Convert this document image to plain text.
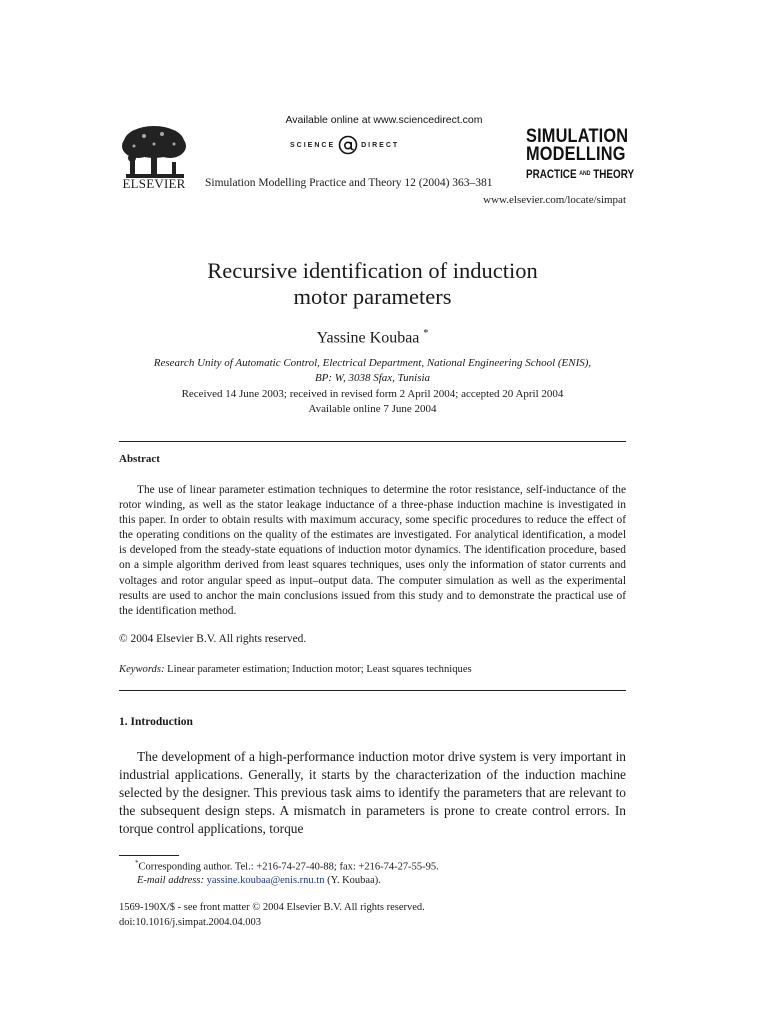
ELSEVIER
Available online at www.sciencedirect.com
SCIENCE	DIRECT
Simulation Modelling Practice and Theory 12 (2004) 363–381
SIMULATION
MODELLING
PRACTICE $^{AND}$ THEORY
www.elsevier.com/locate/simpat
Recursive identification of induction
motor parameters
Yassine Koubaa *
Research Unity of Automatic Control, Electrical Department, National Engineering School (ENIS),
BP: W, 3038 Sfax, Tunisia
Received 14 June 2003; received in revised form 2 April 2004; accepted 20 April 2004
Available online 7 June 2004
Abstract

The use of linear parameter estimation techniques to determine the rotor resistance, self-inductance of the rotor winding, as well as the stator leakage inductance of a three-phase induction machine is investigated in this paper. In order to obtain results with maximum accuracy, some specific procedures to reduce the effect of the operating conditions on the quality of the estimates are investigated. For analytical identification, a model is developed from the steady-state equations of induction motor dynamics. The identification procedure, based on a simple algorithm derived from least squares techniques, uses only the information of stator currents and voltages and rotor angular speed as input–output data. The computer simulation as well as the experimental results are used to anchor the main conclusions issued from this study and to demonstrate the practical use of the identification method.

© 2004 Elsevier B.V. All rights reserved.
Keywords: Linear parameter estimation; Induction motor; Least squares techniques
1. Introduction

The development of a high-performance induction motor drive system is very important in industrial applications. Generally, it starts by the characterization of the induction machine selected by the designer. This previous task aims to identify the parameters that are relevant to the subsequent design steps. A mismatch in parameters is prone to create control errors. In torque control applications, torque

*Corresponding author. Tel.: +216-74-27-40-88; fax: +216-74-27-55-95.
E-mail address: yassine.koubaa@enis.rnu.tn (Y. Koubaa).
1569-190X/$ - see front matter © 2004 Elsevier B.V. All rights reserved.
doi:10.1016/j.simpat.2004.04.003
